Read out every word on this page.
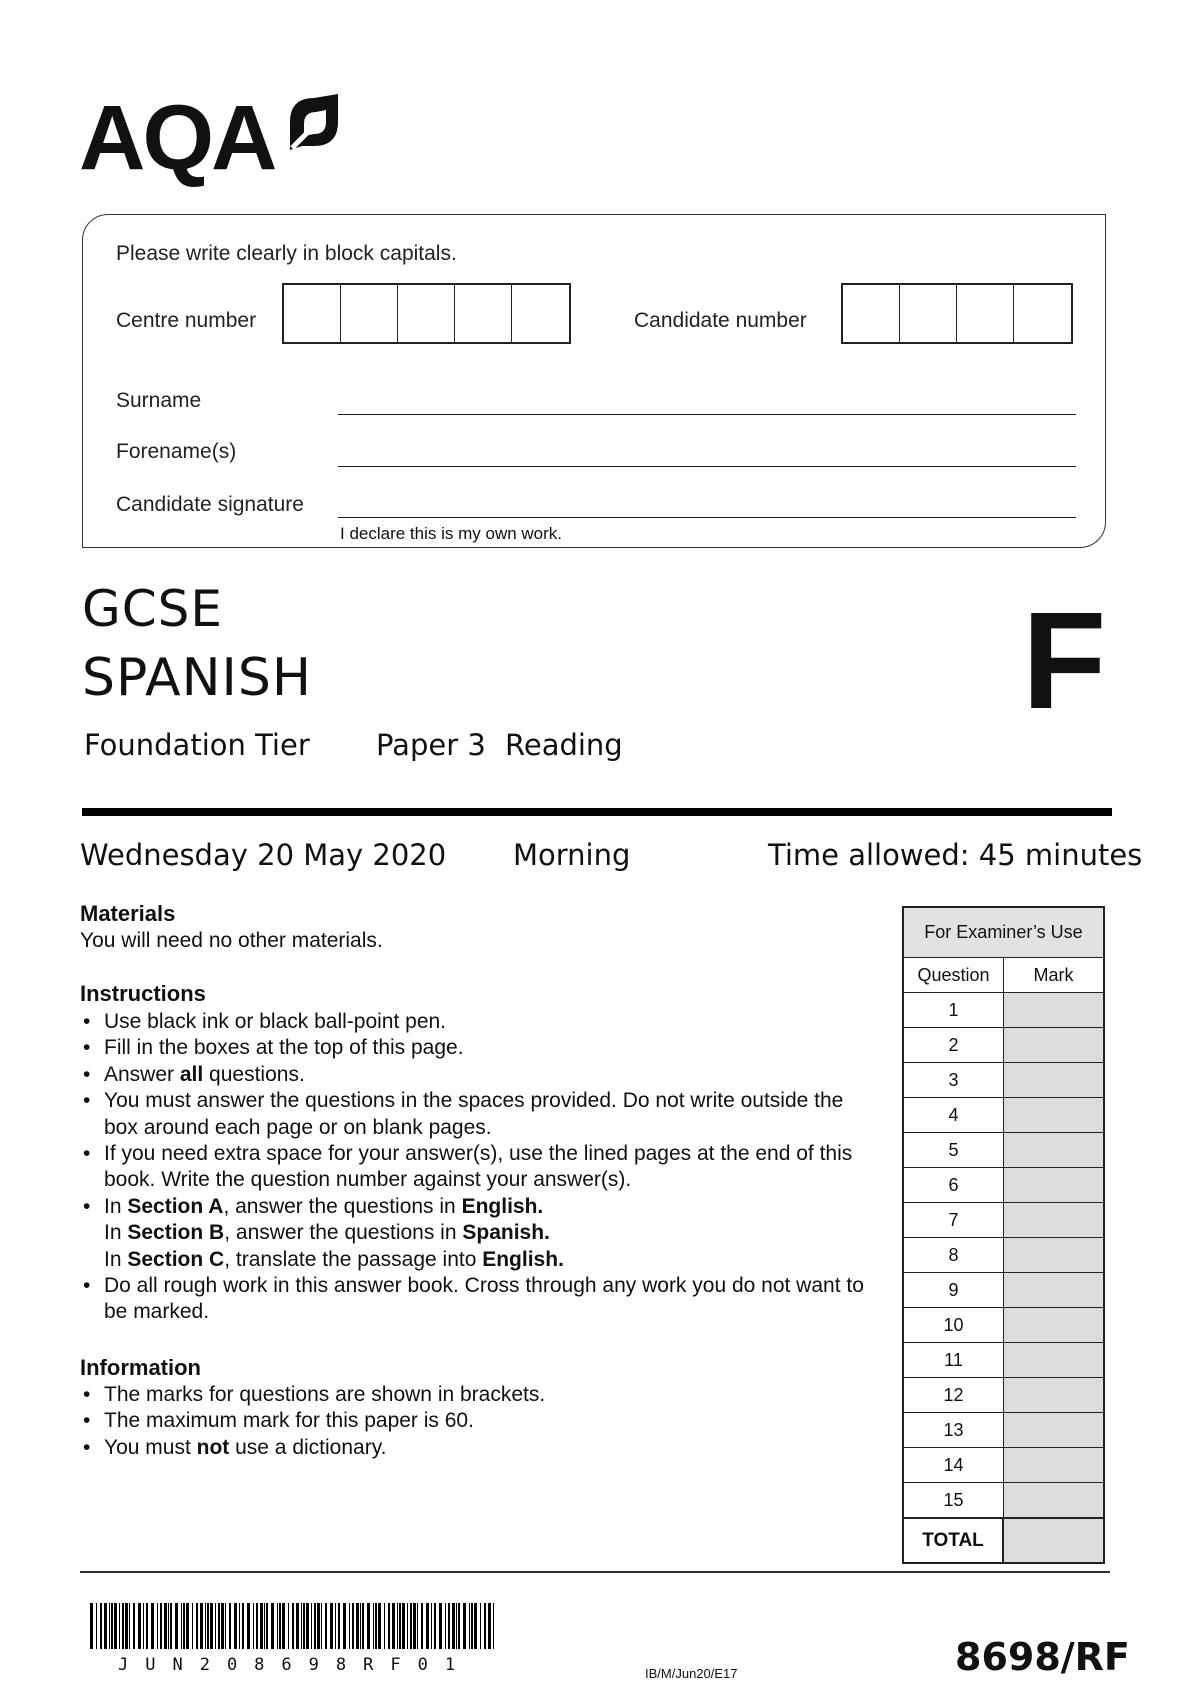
AQA
Please write clearly in block capitals.
Centre number	Candidate number
Surname
Forename(s)
Candidate signature
I declare this is my own work.
GCSE
SPANISH	F
Foundation Tier Paper 3 Reading
Wednesday 20 May 2020 Morning	Time allowed: 45 minutes
Materials
You will need no other materials.
Instructions
• Use black ink or black ball-point pen.
• Fill in the boxes at the top of this page.
• Answer all questions.
• You must answer the questions in the spaces provided. Do not write outside the box around each page or on blank pages.
• If you need extra space for your answer(s), use the lined pages at the end of this book. Write the question number against your answer(s).
• In Section A, answer the questions in English.
In Section B, answer the questions in Spanish.
In Section C, translate the passage into English.
• Do all rough work in this answer book. Cross through any work you do not want to be marked.
Information
• The marks for questions are shown in brackets.
• The maximum mark for this paper is 60.
• You must not use a dictionary.
For Examiner’s Use
Question	Mark
1
2
3
4
5
6
7
8
9
10
11
12
13
14
15
TOTAL
JUN208698RF01	IB/M/Jun20/E17	8698/RF
